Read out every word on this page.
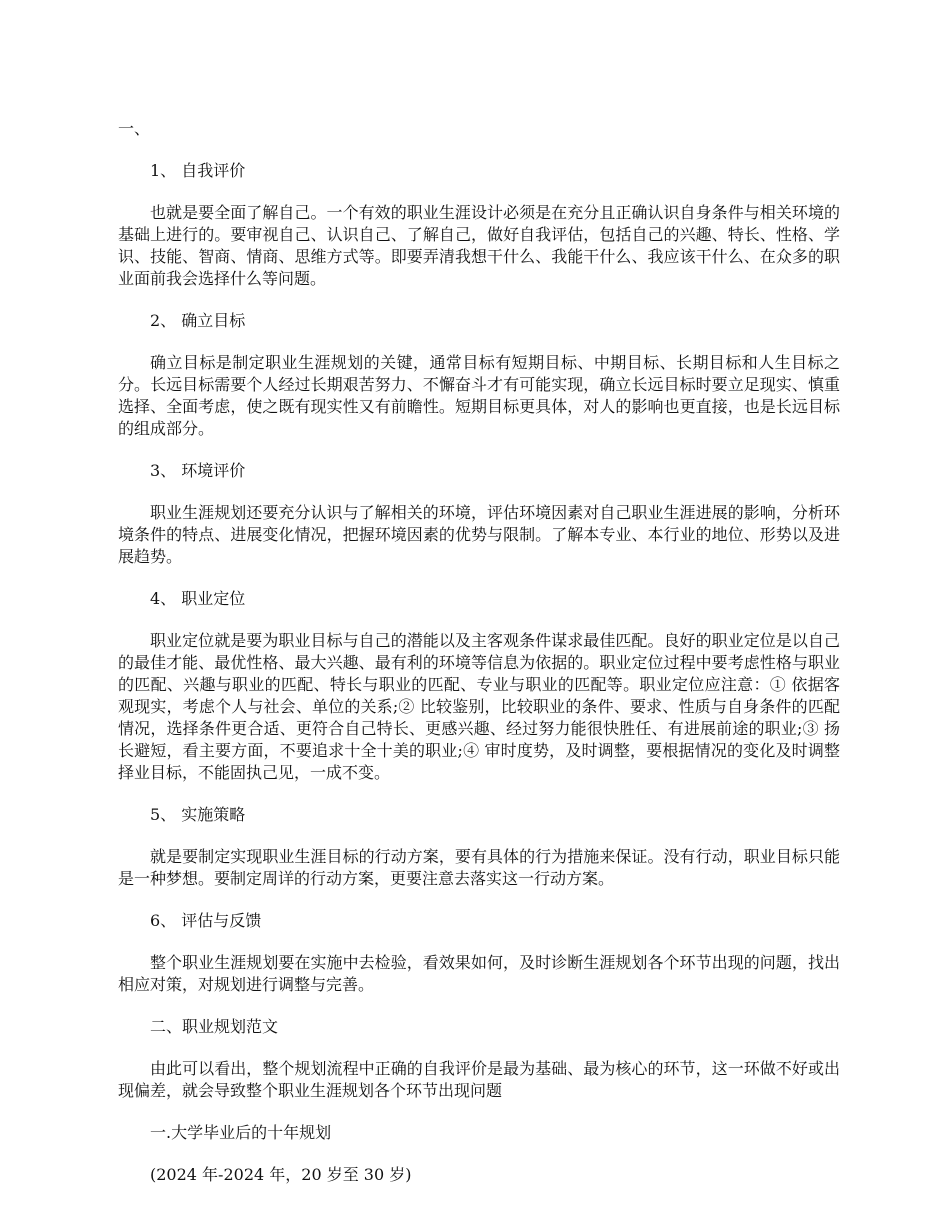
一、
1、 自我评价
也就是要全面了解自己。一个有效的职业生涯设计必须是在充分且正确认识自身条件与相关环境的基础上进行的。要审视自己、认识自己、了解自己，做好自我评估，包括自己的兴趣、特长、性格、学识、技能、智商、情商、思维方式等。即要弄清我想干什么、我能干什么、我应该干什么、在众多的职业面前我会选择什么等问题。
2、 确立目标
确立目标是制定职业生涯规划的关键，通常目标有短期目标、中期目标、长期目标和人生目标之分。长远目标需要个人经过长期艰苦努力、不懈奋斗才有可能实现，确立长远目标时要立足现实、慎重选择、全面考虑，使之既有现实性又有前瞻性。短期目标更具体，对人的影响也更直接，也是长远目标的组成部分。
3、 环境评价
职业生涯规划还要充分认识与了解相关的环境，评估环境因素对自己职业生涯进展的影响，分析环境条件的特点、进展变化情况，把握环境因素的优势与限制。了解本专业、本行业的地位、形势以及进展趋势。
4、 职业定位
职业定位就是要为职业目标与自己的潜能以及主客观条件谋求最佳匹配。良好的职业定位是以自己的最佳才能、最优性格、最大兴趣、最有利的环境等信息为依据的。职业定位过程中要考虑性格与职业的匹配、兴趣与职业的匹配、特长与职业的匹配、专业与职业的匹配等。职业定位应注意：① 依据客观现实，考虑个人与社会、单位的关系;② 比较鉴别，比较职业的条件、要求、性质与自身条件的匹配情况，选择条件更合适、更符合自己特长、更感兴趣、经过努力能很快胜任、有进展前途的职业;③ 扬长避短，看主要方面，不要追求十全十美的职业;④ 审时度势，及时调整，要根据情况的变化及时调整择业目标，不能固执己见，一成不变。
5、 实施策略
就是要制定实现职业生涯目标的行动方案，要有具体的行为措施来保证。没有行动，职业目标只能是一种梦想。要制定周详的行动方案，更要注意去落实这一行动方案。
6、 评估与反馈
整个职业生涯规划要在实施中去检验，看效果如何，及时诊断生涯规划各个环节出现的问题，找出相应对策，对规划进行调整与完善。
二、职业规划范文
由此可以看出，整个规划流程中正确的自我评价是最为基础、最为核心的环节，这一环做不好或出现偏差，就会导致整个职业生涯规划各个环节出现问题
一.大学毕业后的十年规划
(2024 年-2024 年，20 岁至 30 岁)
